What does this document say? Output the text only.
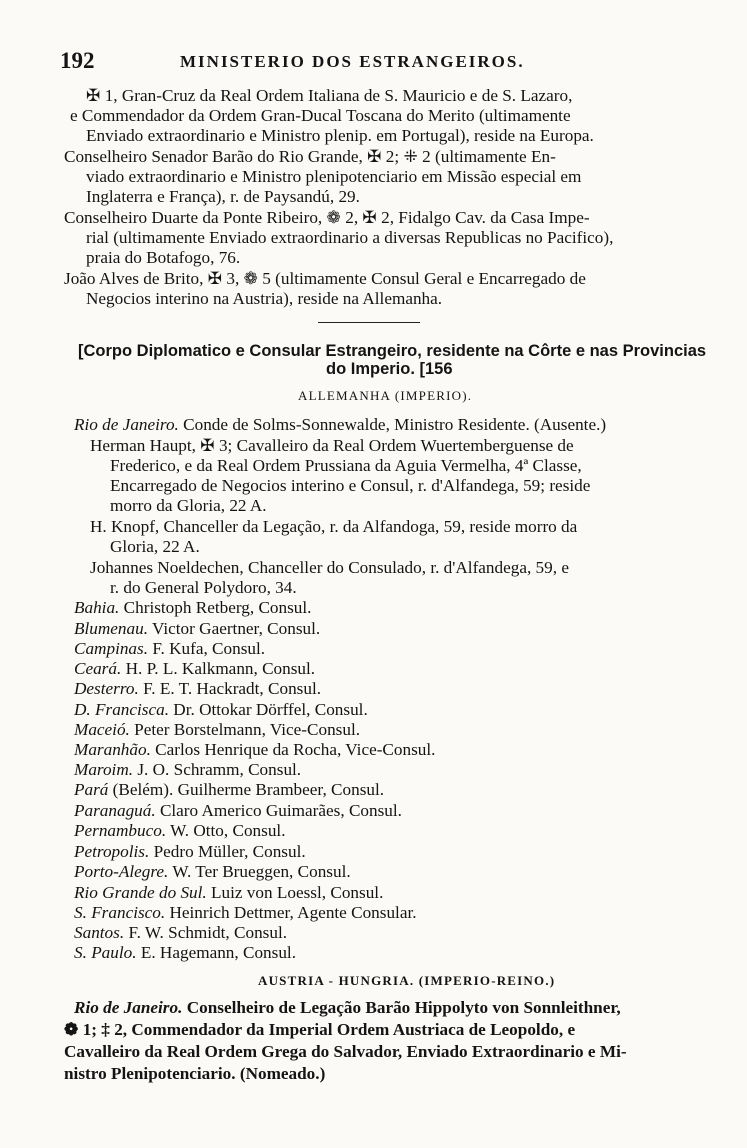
192	MINISTERIO DOS ESTRANGEIROS.
✠ 1, Gran-Cruz da Real Ordem Italiana de S. Mauricio e de S. Lazaro,
e Commendador da Ordem Gran-Ducal Toscana do Merito (ultimamente
Enviado extraordinario e Ministro plenip. em Portugal), reside na Europa.
Conselheiro Senador Barão do Rio Grande, ✠ 2; ⁜ 2 (ultimamente En-
viado extraordinario e Ministro plenipotenciario em Missão especial em
Inglaterra e França), r. de Paysandú, 29.
Conselheiro Duarte da Ponte Ribeiro, ❁ 2, ✠ 2, Fidalgo Cav. da Casa Impe-
rial (ultimamente Enviado extraordinario a diversas Republicas no Pacifico),
praia do Botafogo, 76.
João Alves de Brito, ✠ 3, ❁ 5 (ultimamente Consul Geral e Encarregado de
Negocios interino na Austria), reside na Allemanha.
[Corpo Diplomatico e Consular Estrangeiro, residente na Côrte e nas Provincias
do Imperio. [156
ALLEMANHA (IMPERIO).
Rio de Janeiro. Conde de Solms-Sonnewalde, Ministro Residente. (Ausente.)
Herman Haupt, ✠ 3; Cavalleiro da Real Ordem Wuertemberguense de
Frederico, e da Real Ordem Prussiana da Aguia Vermelha, 4ª Classe,
Encarregado de Negocios interino e Consul, r. d'Alfandega, 59; reside
morro da Gloria, 22 A.
H. Knopf, Chanceller da Legação, r. da Alfandoga, 59, reside morro da
Gloria, 22 A.
Johannes Noeldechen, Chanceller do Consulado, r. d'Alfandega, 59, e
r. do General Polydoro, 34.
Bahia. Christoph Retberg, Consul.
Blumenau. Victor Gaertner, Consul.
Campinas. F. Kufa, Consul.
Ceará. H. P. L. Kalkmann, Consul.
Desterro. F. E. T. Hackradt, Consul.
D. Francisca. Dr. Ottokar Dörffel, Consul.
Maceió. Peter Borstelmann, Vice-Consul.
Maranhão. Carlos Henrique da Rocha, Vice-Consul.
Maroim. J. O. Schramm, Consul.
Pará (Belém). Guilherme Brambeer, Consul.
Paranaguá. Claro Americo Guimarães, Consul.
Pernambuco. W. Otto, Consul.
Petropolis. Pedro Müller, Consul.
Porto-Alegre. W. Ter Brueggen, Consul.
Rio Grande do Sul. Luiz von Loessl, Consul.
S. Francisco. Heinrich Dettmer, Agente Consular.
Santos. F. W. Schmidt, Consul.
S. Paulo. E. Hagemann, Consul.
AUSTRIA - HUNGRIA. (IMPERIO-REINO.)
Rio de Janeiro. Conselheiro de Legação Barão Hippolyto von Sonnleithner,
❁ 1; ‡ 2, Commendador da Imperial Ordem Austriaca de Leopoldo, e
Cavalleiro da Real Ordem Grega do Salvador, Enviado Extraordinario e Mi-
nistro Plenipotenciario. (Nomeado.)
